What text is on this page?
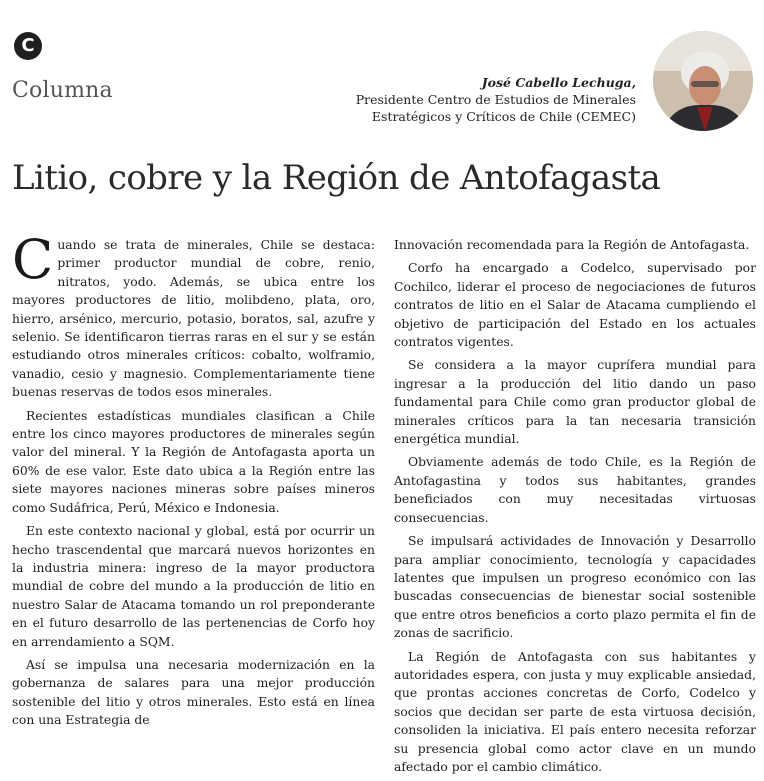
C
Columna	José Cabello Lechuga,
Presidente Centro de Estudios de Minerales
Estratégicos y Críticos de Chile (CEMEC)
Litio, cobre y la Región de Antofagasta

Cuando se trata de minerales, Chile se destaca: primer productor mundial de cobre, renio, nitratos, yodo. Además, se ubica entre los mayores productores de litio, molibdeno, plata, oro, hierro, arsénico, mercurio, potasio, boratos, sal, azufre y selenio. Se identificaron tierras raras en el sur y se están estudiando otros minerales críticos: cobalto, wolframio, vanadio, cesio y magnesio. Complementariamente tiene buenas reservas de todos esos minerales.

Recientes estadísticas mundiales clasifican a Chile entre los cinco mayores productores de minerales según valor del mineral. Y la Región de Antofagasta aporta un 60% de ese valor. Este dato ubica a la Región entre las siete mayores naciones mineras sobre países mineros como Sudáfrica, Perú, México e Indonesia.

En este contexto nacional y global, está por ocurrir un hecho trascendental que marcará nuevos horizontes en la industria minera: ingreso de la mayor productora mundial de cobre del mundo a la producción de litio en nuestro Salar de Atacama tomando un rol preponderante en el futuro desarrollo de las pertenencias de Corfo hoy en arrendamiento a SQM.

Así se impulsa una necesaria modernización en la gobernanza de salares para una mejor producción sostenible del litio y otros minerales. Esto está en línea con una Estrategia de

Innovación recomendada para la Región de Antofagasta.

Corfo ha encargado a Codelco, supervisado por Cochilco, liderar el proceso de negociaciones de futuros contratos de litio en el Salar de Atacama cumpliendo el objetivo de participación del Estado en los actuales contratos vigentes.

Se considera a la mayor cuprífera mundial para ingresar a la producción del litio dando un paso fundamental para Chile como gran productor global de minerales críticos para la tan necesaria transición energética mundial.

Obviamente además de todo Chile, es la Región de Antofagastina y todos sus habitantes, grandes beneficiados con muy necesitadas virtuosas consecuencias.

Se impulsará actividades de Innovación y Desarrollo para ampliar conocimiento, tecnología y capacidades latentes que impulsen un progreso económico con las buscadas consecuencias de bienestar social sostenible que entre otros beneficios a corto plazo permita el fin de zonas de sacrificio.

La Región de Antofagasta con sus habitantes y autoridades espera, con justa y muy explicable ansiedad, que prontas acciones concretas de Corfo, Codelco y socios que decidan ser parte de esta virtuosa decisión, consoliden la iniciativa. El país entero necesita reforzar su presencia global como actor clave en un mundo afectado por el cambio climático.
